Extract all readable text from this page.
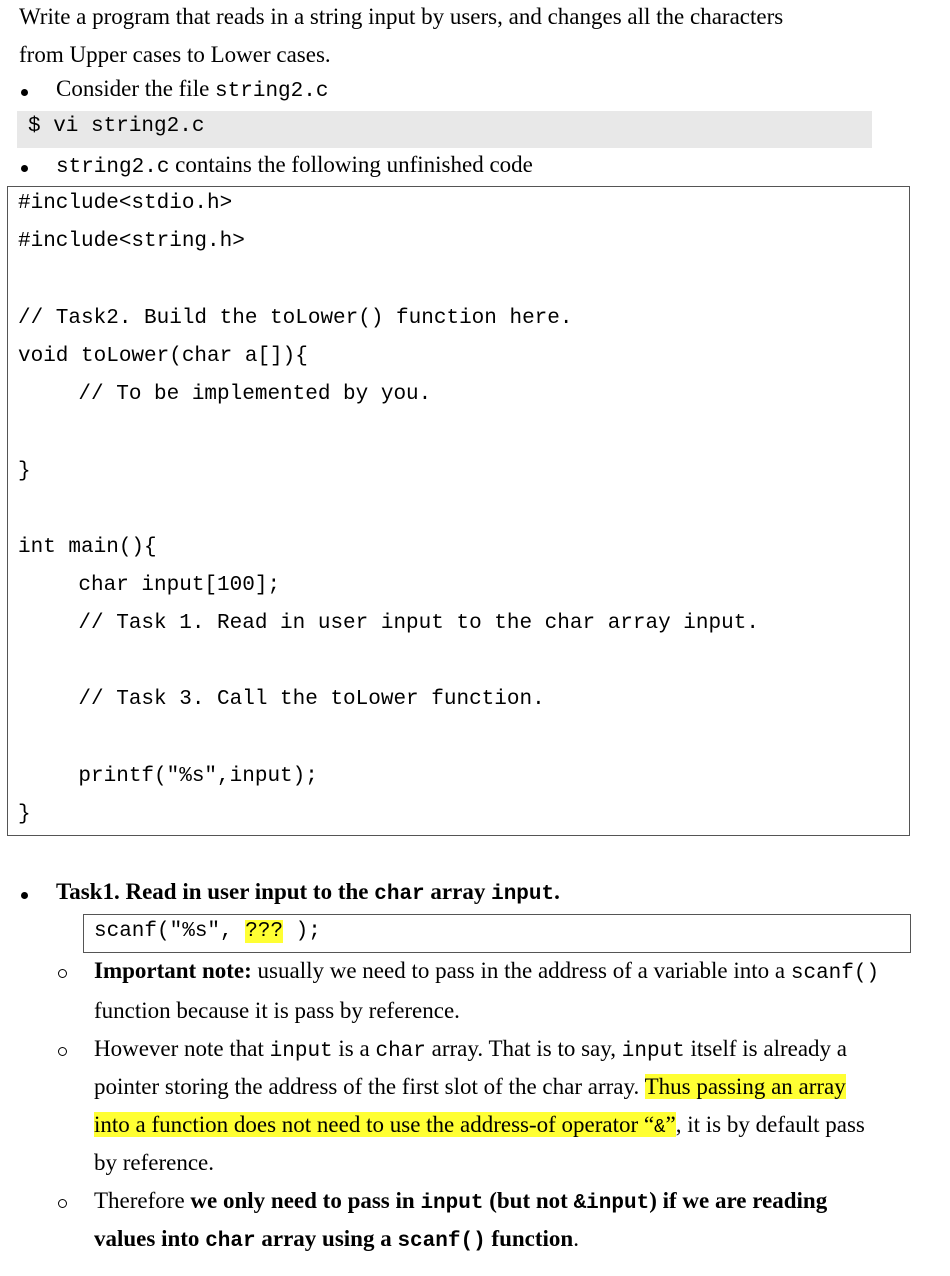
Write a program that reads in a string input by users, and changes all the characters
from Upper cases to Lower cases.
Consider the file string2.c
$ vi string2.c
string2.c contains the following unfinished code
#include<stdio.h>
#include<string.h>
// Task2. Build the toLower() function here.
void toLower(char a[]){
// To be implemented by you.
}
int main(){
char input[100];
// Task 1. Read in user input to the char array input.
// Task 3. Call the toLower function.
printf("%s",input);
}
Task1. Read in user input to the char array input.
scanf("%s", ??? );
Important note: usually we need to pass in the address of a variable into a scanf()
function because it is pass by reference.
However note that input is a char array. That is to say, input itself is already a
pointer storing the address of the first slot of the char array. Thus passing an array
into a function does not need to use the address-of operator “&”, it is by default pass
by reference.
Therefore we only need to pass in input (but not &input) if we are reading
values into char array using a scanf() function.
